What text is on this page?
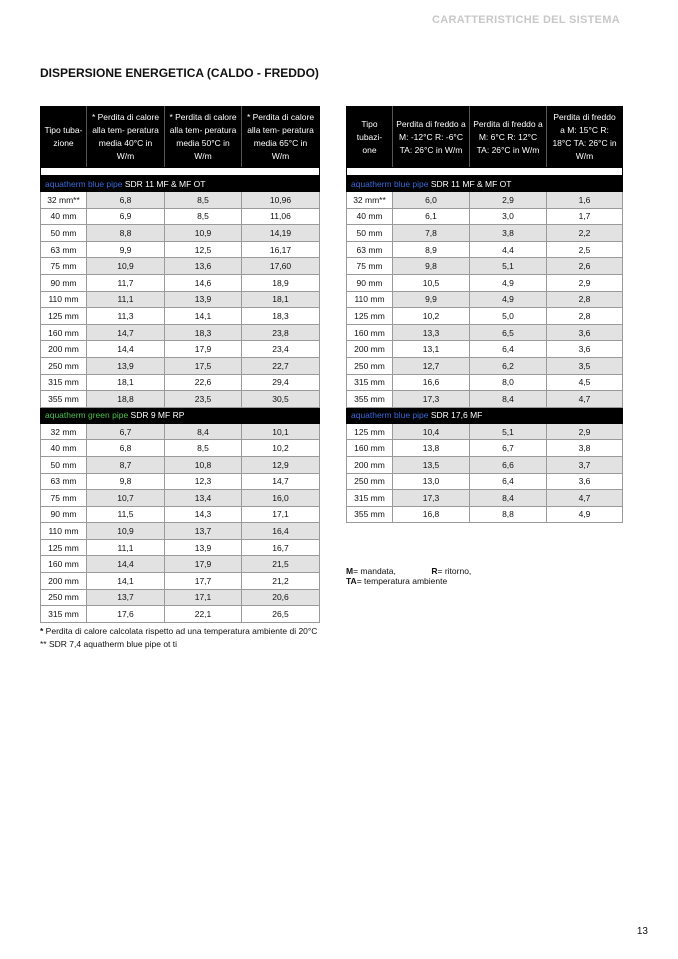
CARATTERISTICHE DEL SISTEMA
DISPERSIONE ENERGETICA (CALDO - FREDDO)
Tipo tuba- zione	* Perdita di calore alla tem- peratura media 40°C in W/m	* Perdita di calore alla tem- peratura media 50°C in W/m	* Perdita di calore alla tem- peratura media 65°C in W/m

aquatherm blue pipe SDR 11 MF & MF OT			
32 mm**	6,8	8,5	10,96
40 mm	6,9	8,5	11,06
50 mm	8,8	10,9	14,19
63 mm	9,9	12,5	16,17
75 mm	10,9	13,6	17,60
90 mm	11,7	14,6	18,9
110 mm	11,1	13,9	18,1
125 mm	11,3	14,1	18,3
160 mm	14,7	18,3	23,8
200 mm	14,4	17,9	23,4
250 mm	13,9	17,5	22,7
315 mm	18,1	22,6	29,4
355 mm	18,8	23,5	30,5
aquatherm green pipe SDR 9 MF RP			
32 mm	6,7	8,4	10,1
40 mm	6,8	8,5	10,2
50 mm	8,7	10,8	12,9
63 mm	9,8	12,3	14,7
75 mm	10,7	13,4	16,0
90 mm	11,5	14,3	17,1
110 mm	10,9	13,7	16,4
125 mm	11,1	13,9	16,7
160 mm	14,4	17,9	21,5
200 mm	14,1	17,7	21,2
250 mm	13,7	17,1	20,6
315 mm	17,6	22,1	26,5
Tipo tubazi- one	Perdita di freddo a M: -12°C R: -6°C TA: 26°C in W/m	Perdita di freddo a M: 6°C R: 12°C TA: 26°C in W/m	Perdita di freddo a M: 15°C R: 18°C TA: 26°C in W/m

aquatherm blue pipe SDR 11 MF & MF OT			
32 mm**	6,0	2,9	1,6
40 mm	6,1	3,0	1,7
50 mm	7,8	3,8	2,2
63 mm	8,9	4,4	2,5
75 mm	9,8	5,1	2,6
90 mm	10,5	4,9	2,9
110 mm	9,9	4,9	2,8
125 mm	10,2	5,0	2,8
160 mm	13,3	6,5	3,6
200 mm	13,1	6,4	3,6
250 mm	12,7	6,2	3,5
315 mm	16,6	8,0	4,5
355 mm	17,3	8,4	4,7
aquatherm blue pipe SDR 17,6 MF			
125 mm	10,4	5,1	2,9
160 mm	13,8	6,7	3,8
200 mm	13,5	6,6	3,7
250 mm	13,0	6,4	3,6
315 mm	17,3	8,4	4,7
355 mm	16,8	8,8	4,9
M= mandata,	R= ritorno, TA= temperatura ambiente
* Perdita di calore calcolata rispetto ad una temperatura ambiente di 20°C
** SDR 7,4 aquatherm blue pipe ot ti
13
